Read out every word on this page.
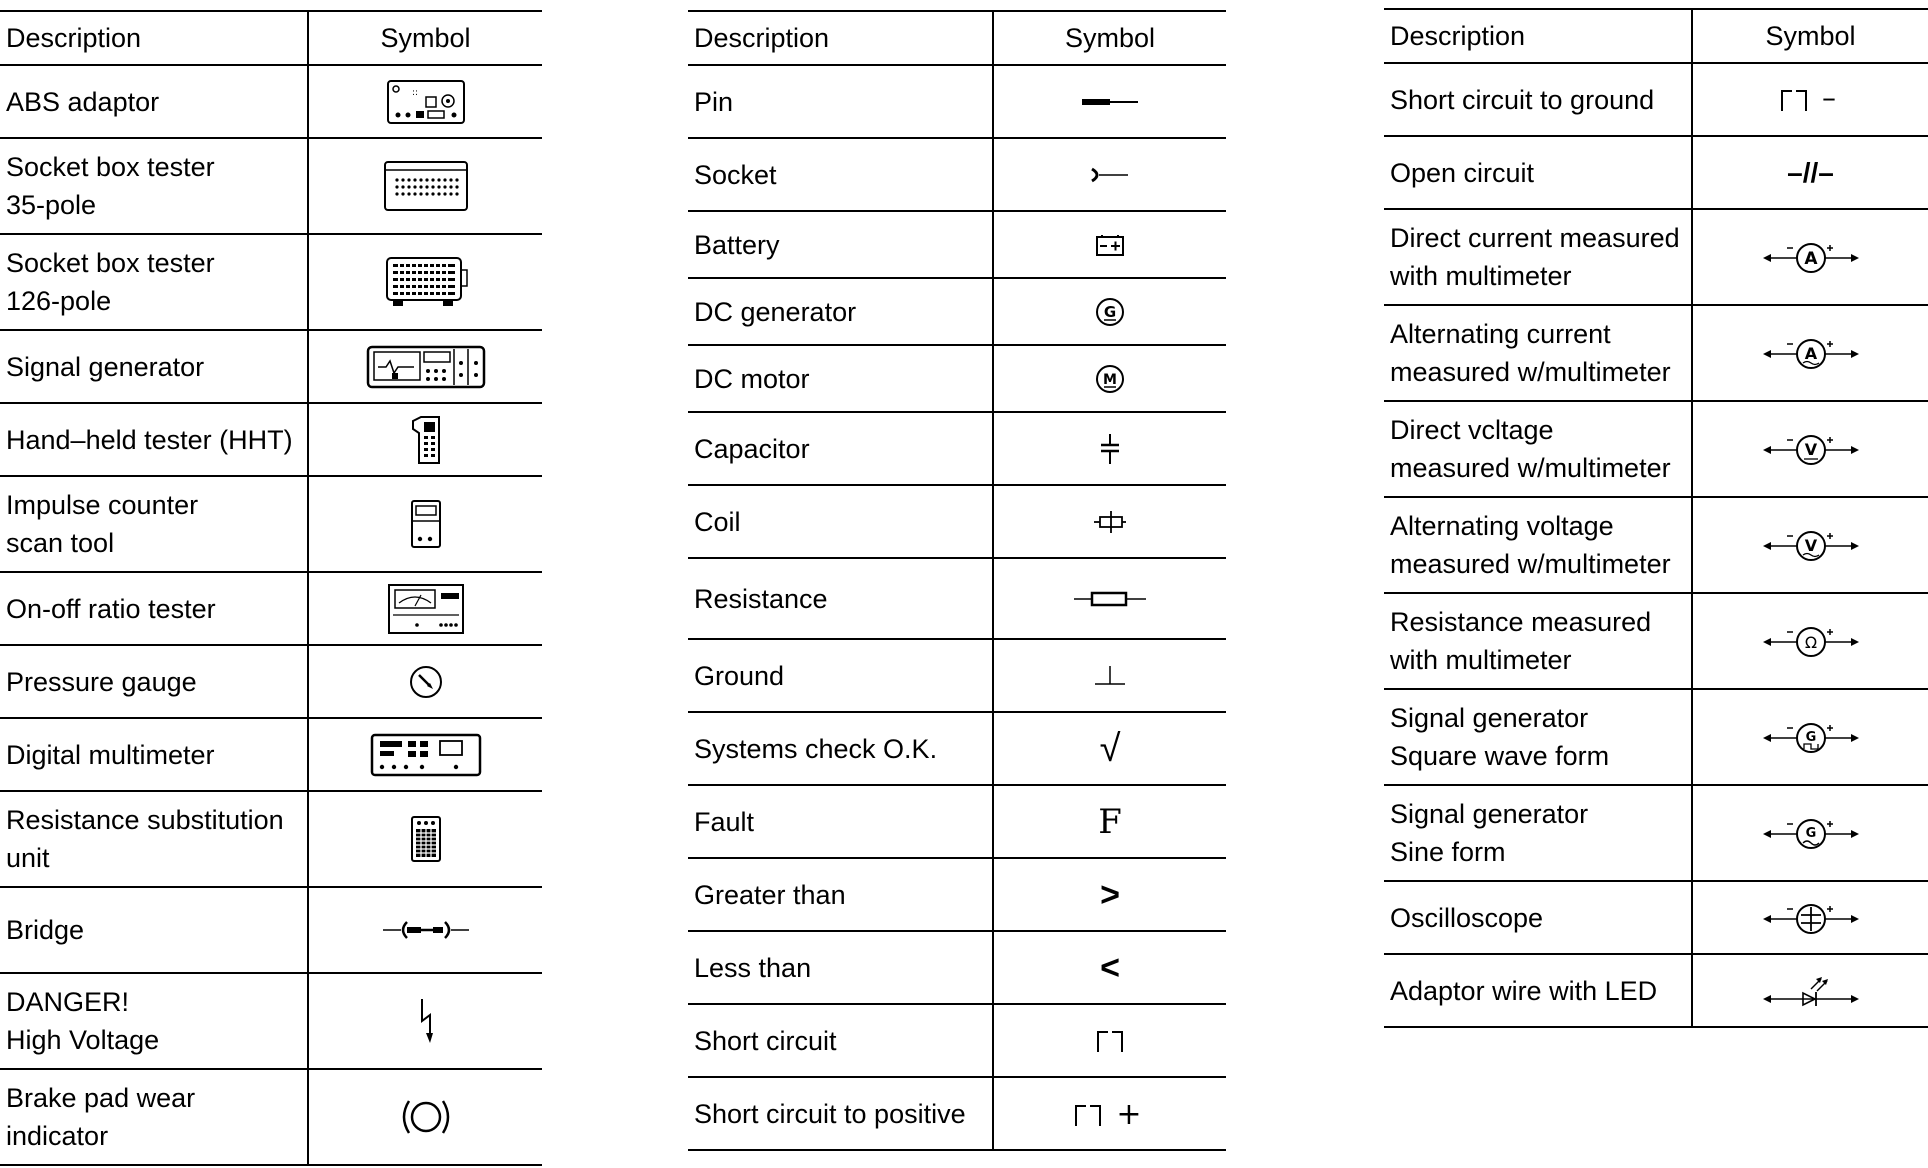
Description	Symbol

ABS adaptor	::

Socket box tester
35-pole

Socket box tester
126-pole

Signal generator

Hand–held tester (HHT)

Impulse counter
scan tool

On-off ratio tester

Pressure gauge

Digital multimeter

Resistance substitution
unit

Bridge

DANGER!
High Voltage

Brake pad wear
indicator

Description	Symbol

Pin

Socket

Battery

DC generator	G

DC motor	M

Capacitor

Coil

Resistance

Ground

Systems check O.K.	√

Fault	F

Greater than	>

Less than	<

Short circuit

Short circuit to positive	+
Description	Symbol

Short circuit to ground	–

Open circuit	–//–

Direct current measured
with multimeter	A

Alternating current
measured w/multimeter	A

Direct vcltage
measured w/multimeter	V

Alternating voltage
measured w/multimeter	V

Resistance measured
with multimeter	Ω

Signal generator
Square wave form	G

Signal generator
Sine form	G

Oscilloscope

Adaptor wire with LED
